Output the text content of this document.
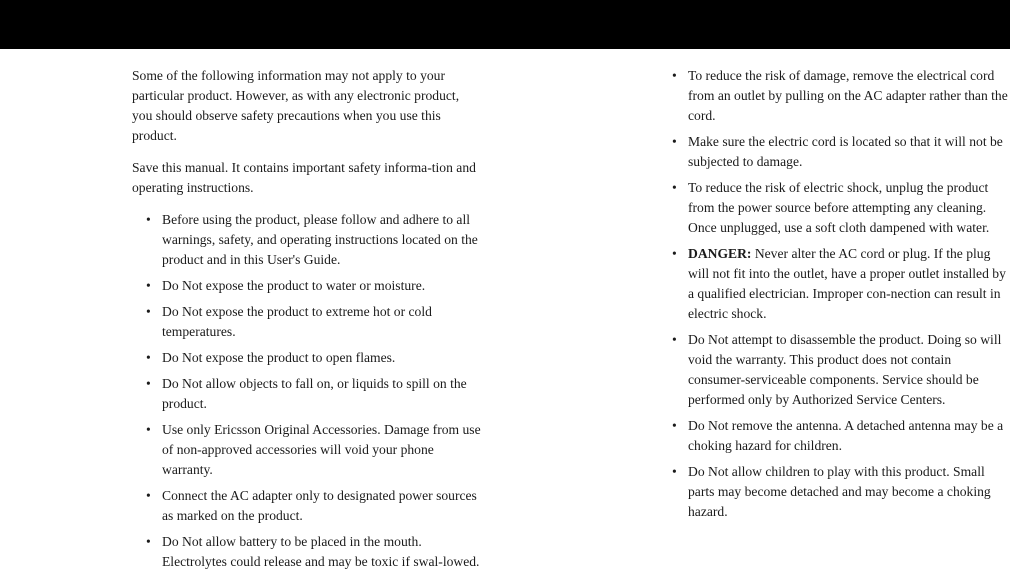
Some of the following information may not apply to your particular product. However, as with any electronic product, you should observe safety precautions when you use this product.

Save this manual. It contains important safety informa-tion and operating instructions.

• Before using the product, please follow and adhere to all warnings, safety, and operating instructions located on the product and in this User's Guide.
• Do Not expose the product to water or moisture.
• Do Not expose the product to extreme hot or cold temperatures.
• Do Not expose the product to open flames.
• Do Not allow objects to fall on, or liquids to spill on the product.
• Use only Ericsson Original Accessories. Damage from use of non-approved accessories will void your phone warranty.
• Connect the AC adapter only to designated power sources as marked on the product.
• Do Not allow battery to be placed in the mouth. Electrolytes could release and may be toxic if swal-lowed.
• To reduce the risk of damage, remove the electrical cord from an outlet by pulling on the AC adapter rather than the cord.
• Make sure the electric cord is located so that it will not be subjected to damage.
• To reduce the risk of electric shock, unplug the product from the power source before attempting any cleaning. Once unplugged, use a soft cloth dampened with water.
• DANGER: Never alter the AC cord or plug. If the plug will not fit into the outlet, have a proper outlet installed by a qualified electrician. Improper con-nection can result in electric shock.
• Do Not attempt to disassemble the product. Doing so will void the warranty. This product does not contain consumer-serviceable components. Service should be performed only by Authorized Service Centers.
• Do Not remove the antenna. A detached antenna may be a choking hazard for children.
• Do Not allow children to play with this product. Small parts may become detached and may become a choking hazard.
